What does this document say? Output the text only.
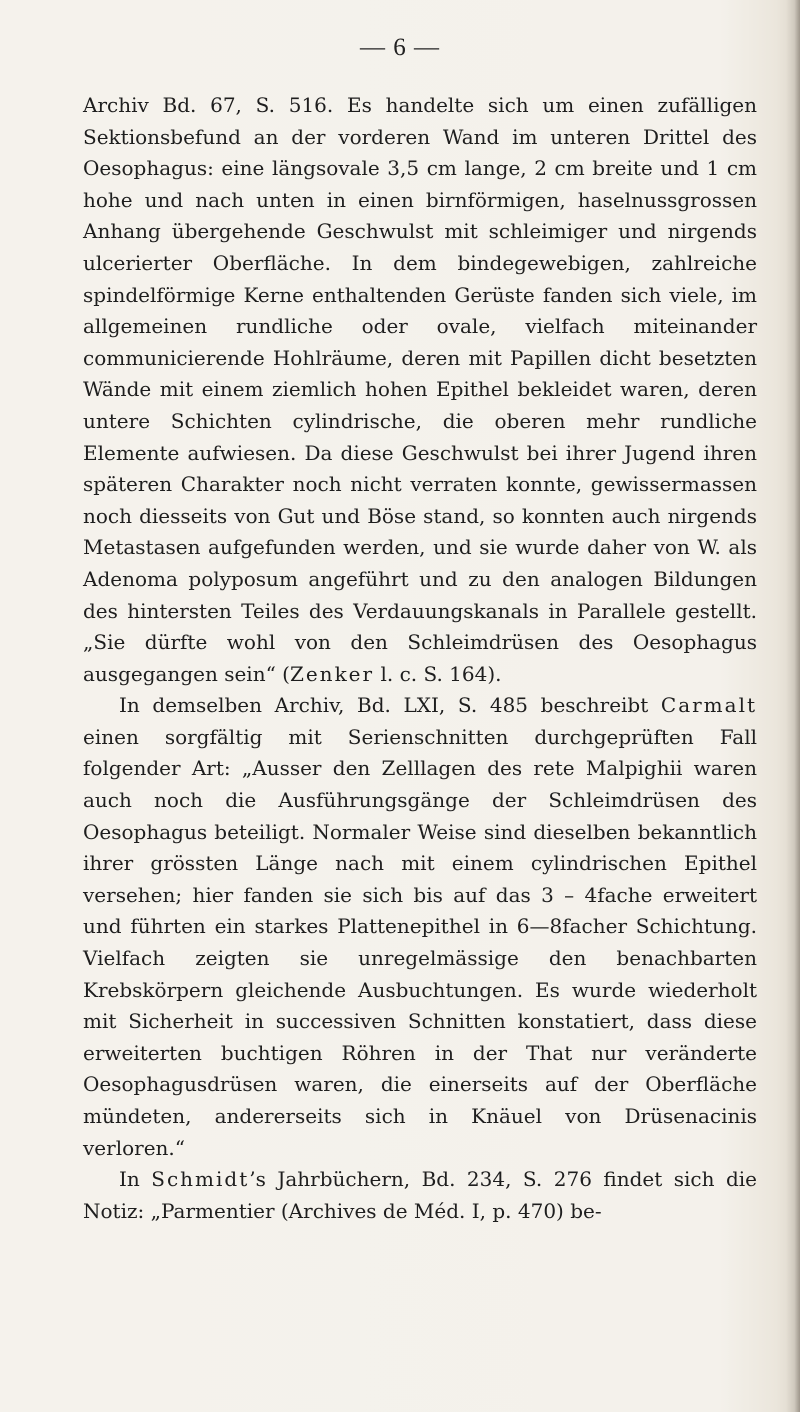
— 6 —

Archiv Bd. 67, S. 516. Es handelte sich um einen zufälligen Sektionsbefund an der vorderen Wand im unteren Drittel des Oesophagus: eine längsovale 3,5 cm lange, 2 cm breite und 1 cm hohe und nach unten in einen birnförmigen, haselnussgrossen Anhang übergehende Geschwulst mit schleimiger und nirgends ulcerierter Oberfläche. In dem bindegewebigen, zahlreiche spindelförmige Kerne enthaltenden Gerüste fanden sich viele, im allgemeinen rundliche oder ovale, vielfach miteinander communicierende Hohlräume, deren mit Papillen dicht besetzten Wände mit einem ziemlich hohen Epithel bekleidet waren, deren untere Schichten cylindrische, die oberen mehr rundliche Elemente aufwiesen. Da diese Geschwulst bei ihrer Jugend ihren späteren Charakter noch nicht verraten konnte, gewissermassen noch diesseits von Gut und Böse stand, so konnten auch nirgends Metastasen aufgefunden werden, und sie wurde daher von W. als Adenoma polyposum angeführt und zu den analogen Bildungen des hintersten Teiles des Verdauungskanals in Parallele gestellt. „Sie dürfte wohl von den Schleimdrüsen des Oesophagus ausgegangen sein“ (Zenker l. c. S. 164).

In demselben Archiv, Bd. LXI, S. 485 beschreibt Carmalt einen sorgfältig mit Serienschnitten durchgeprüften Fall folgender Art: „Ausser den Zelllagen des rete Malpighii waren auch noch die Ausführungsgänge der Schleimdrüsen des Oesophagus beteiligt. Normaler Weise sind dieselben bekanntlich ihrer grössten Länge nach mit einem cylindrischen Epithel versehen; hier fanden sie sich bis auf das 3 – 4fache erweitert und führten ein starkes Plattenepithel in 6—8facher Schichtung. Vielfach zeigten sie unregelmässige den benachbarten Krebskörpern gleichende Ausbuchtungen. Es wurde wiederholt mit Sicherheit in successiven Schnitten konstatiert, dass diese erweiterten buchtigen Röhren in der That nur veränderte Oesophagusdrüsen waren, die einerseits auf der Oberfläche mündeten, andererseits sich in Knäuel von Drüsenacinis verloren.“

In Schmidt’s Jahrbüchern, Bd. 234, S. 276 findet sich die Notiz: „Parmentier (Archives de Méd. I, p. 470) be-
